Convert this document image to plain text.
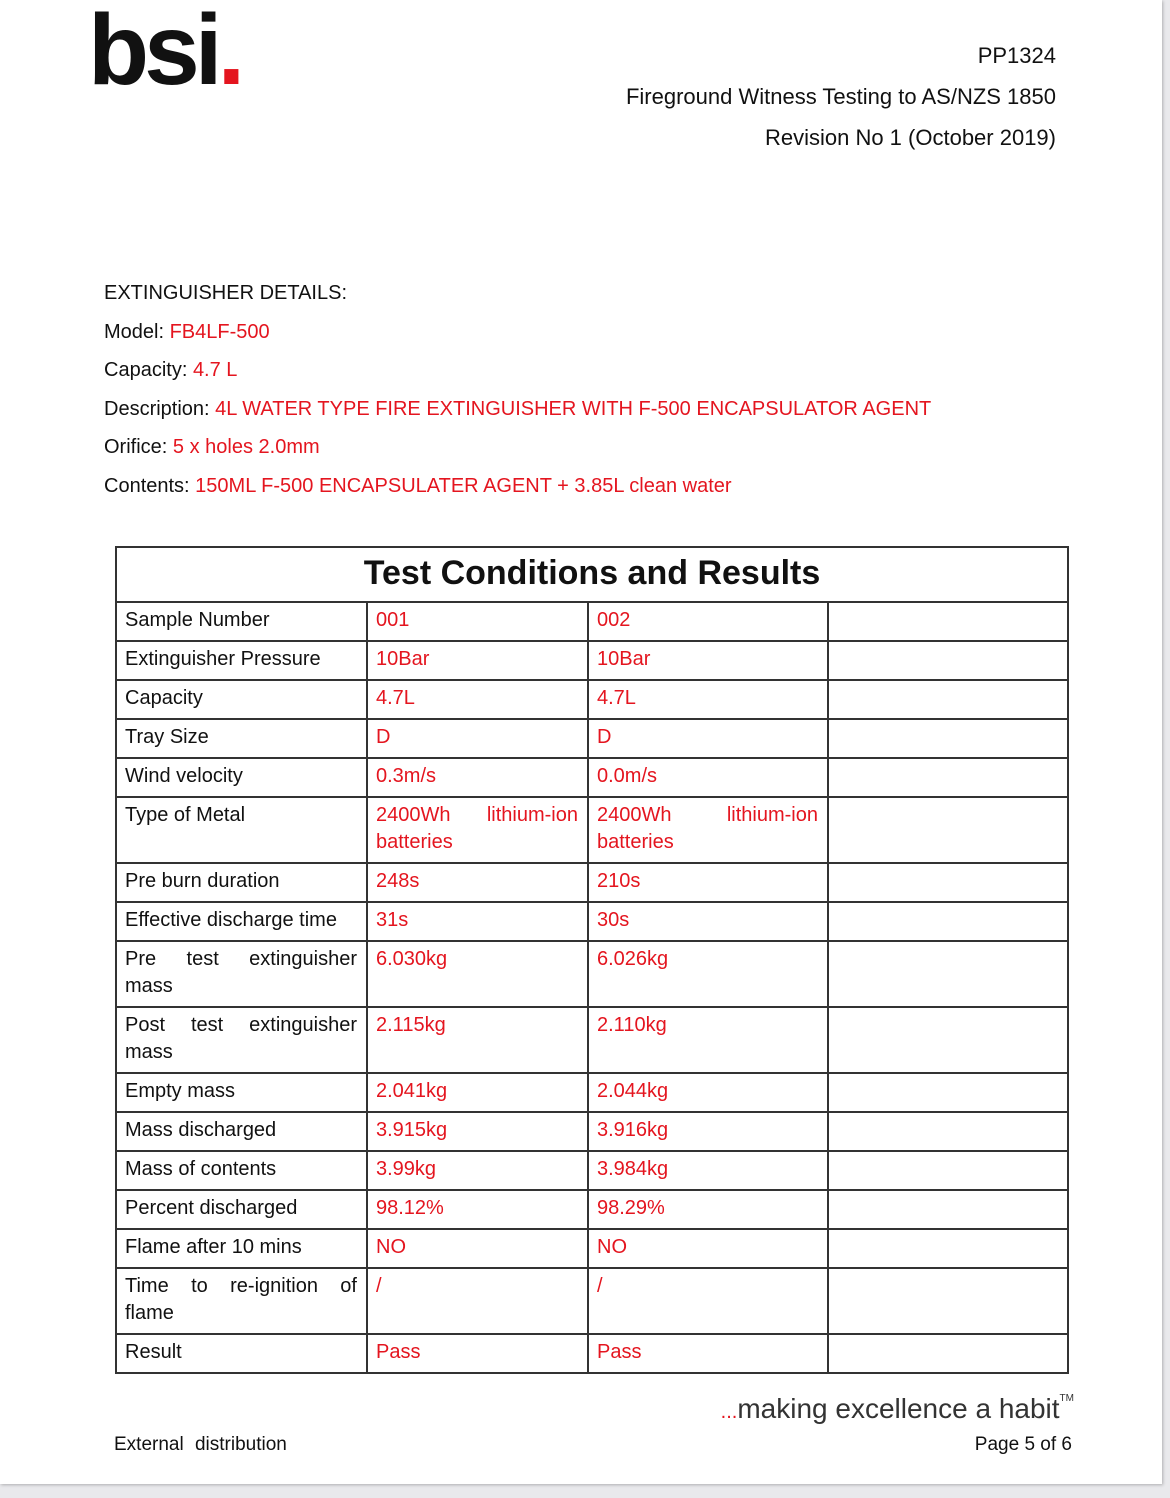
bsi.	PP1324
Fireground Witness Testing to AS/NZS 1850
Revision No 1 (October 2019)
EXTINGUISHER DETAILS:
Model: FB4LF-500
Capacity: 4.7 L
Description: 4L WATER TYPE FIRE EXTINGUISHER WITH F-500 ENCAPSULATOR AGENT
Orifice: 5 x holes 2.0mm
Contents: 150ML F-500 ENCAPSULATER AGENT + 3.85L clean water
Test Conditions and Results			
Sample Number	001	002	
Extinguisher Pressure	10Bar	10Bar	
Capacity	4.7L	4.7L	
Tray Size	D	D	
Wind velocity	0.3m/s	0.0m/s	
Type of Metal	2400Wh lithium-ion batteries	2400Wh lithium-ion batteries	
Pre burn duration	248s	210s	
Effective discharge time	31s	30s	
Pre test extinguisher mass	6.030kg	6.026kg	
Post test extinguisher mass	2.115kg	2.110kg	
Empty mass	2.041kg	2.044kg	
Mass discharged	3.915kg	3.916kg	
Mass of contents	3.99kg	3.984kg	
Percent discharged	98.12%	98.29%	
Flame after 10 mins	NO	NO	
Time to re-ignition of flame	/	/	
Result	Pass	Pass	
...making excellence a habit™
External distribution	Page 5 of 6
